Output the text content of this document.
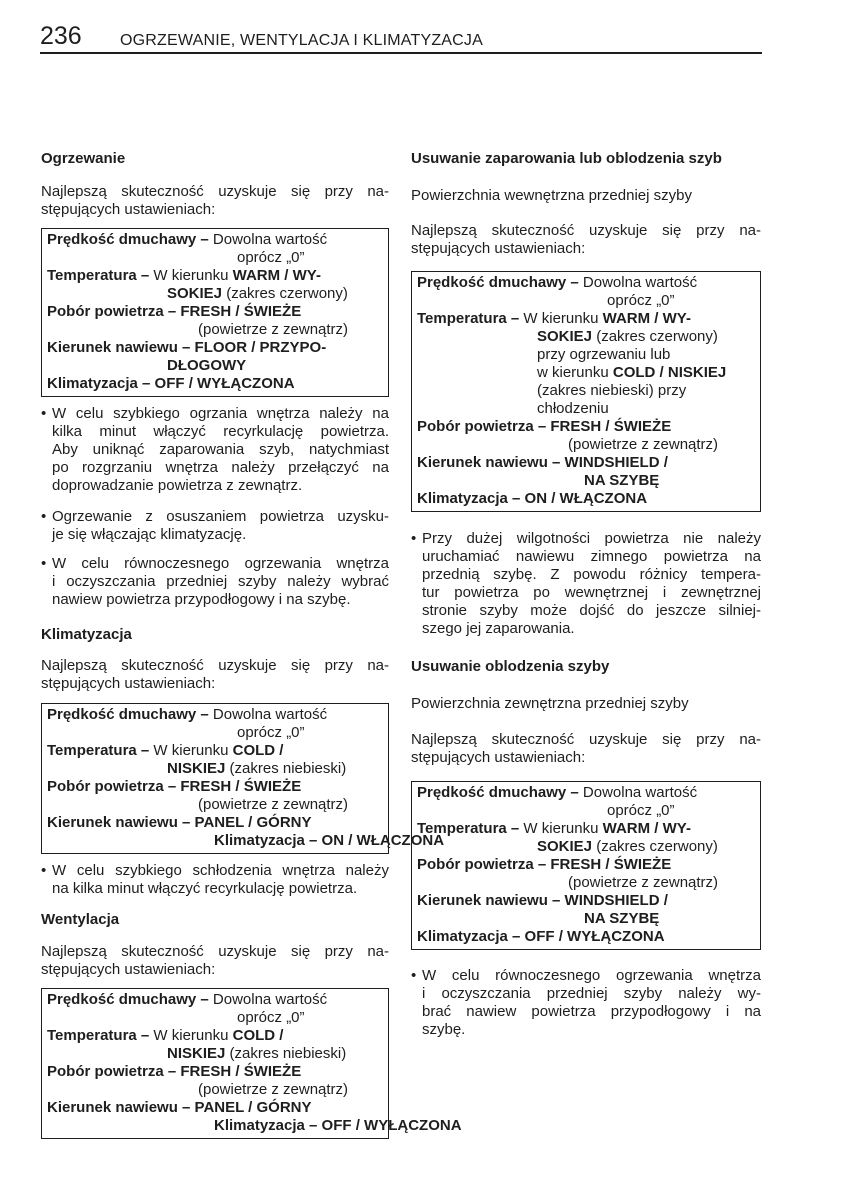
236 OGRZEWANIE, WENTYLACJA I KLIMATYZACJA
Ogrzewanie
Najlepszą skuteczność uzyskuje się przy na-
stępujących ustawieniach:
Prędkość dmuchawy – Dowolna wartość
oprócz „0”
Temperatura – W kierunku WARM / WY-
SOKIEJ (zakres czerwony)
Pobór powietrza – FRESH / ŚWIEŻE
(powietrze z zewnątrz)
Kierunek nawiewu – FLOOR / PRZYPO-
DŁOGOWY
Klimatyzacja – OFF / WYŁĄCZONA
• W celu szybkiego ogrzania wnętrza należy na
kilka minut włączyć recyrkulację powietrza.
Aby uniknąć zaparowania szyb, natychmiast
po rozgrzaniu wnętrza należy przełączyć na
doprowadzanie powietrza z zewnątrz.
• Ogrzewanie z osuszaniem powietrza uzysku-
je się włączając klimatyzację.
• W celu równoczesnego ogrzewania wnętrza
i oczyszczania przedniej szyby należy wybrać
nawiew powietrza przypodłogowy i na szybę.
Klimatyzacja
Najlepszą skuteczność uzyskuje się przy na-
stępujących ustawieniach:
Prędkość dmuchawy – Dowolna wartość
oprócz „0”
Temperatura – W kierunku COLD /
NISKIEJ (zakres niebieski)
Pobór powietrza – FRESH / ŚWIEŻE
(powietrze z zewnątrz)
Kierunek nawiewu – PANEL / GÓRNY
Klimatyzacja – ON / WŁĄCZONA
• W celu szybkiego schłodzenia wnętrza należy
na kilka minut włączyć recyrkulację powietrza.
Wentylacja
Najlepszą skuteczność uzyskuje się przy na-
stępujących ustawieniach:
Prędkość dmuchawy – Dowolna wartość
oprócz „0”
Temperatura – W kierunku COLD /
NISKIEJ (zakres niebieski)
Pobór powietrza – FRESH / ŚWIEŻE
(powietrze z zewnątrz)
Kierunek nawiewu – PANEL / GÓRNY
Klimatyzacja – OFF / WYŁĄCZONA
Usuwanie zaparowania lub oblodzenia szyb
Powierzchnia wewnętrzna przedniej szyby
Najlepszą skuteczność uzyskuje się przy na-
stępujących ustawieniach:
Prędkość dmuchawy – Dowolna wartość
oprócz „0”
Temperatura – W kierunku WARM / WY-
SOKIEJ (zakres czerwony)
przy ogrzewaniu lub
w kierunku COLD / NISKIEJ
(zakres niebieski) przy
chłodzeniu
Pobór powietrza – FRESH / ŚWIEŻE
(powietrze z zewnątrz)
Kierunek nawiewu – WINDSHIELD /
NA SZYBĘ
Klimatyzacja – ON / WŁĄCZONA
• Przy dużej wilgotności powietrza nie należy
uruchamiać nawiewu zimnego powietrza na
przednią szybę. Z powodu różnicy tempera-
tur powietrza po wewnętrznej i zewnętrznej
stronie szyby może dojść do jeszcze silniej-
szego jej zaparowania.
Usuwanie oblodzenia szyby
Powierzchnia zewnętrzna przedniej szyby
Najlepszą skuteczność uzyskuje się przy na-
stępujących ustawieniach:
Prędkość dmuchawy – Dowolna wartość
oprócz „0”
Temperatura – W kierunku WARM / WY-
SOKIEJ (zakres czerwony)
Pobór powietrza – FRESH / ŚWIEŻE
(powietrze z zewnątrz)
Kierunek nawiewu – WINDSHIELD /
NA SZYBĘ
Klimatyzacja – OFF / WYŁĄCZONA
• W celu równoczesnego ogrzewania wnętrza
i oczyszczania przedniej szyby należy wy-
brać nawiew powietrza przypodłogowy i na
szybę.
